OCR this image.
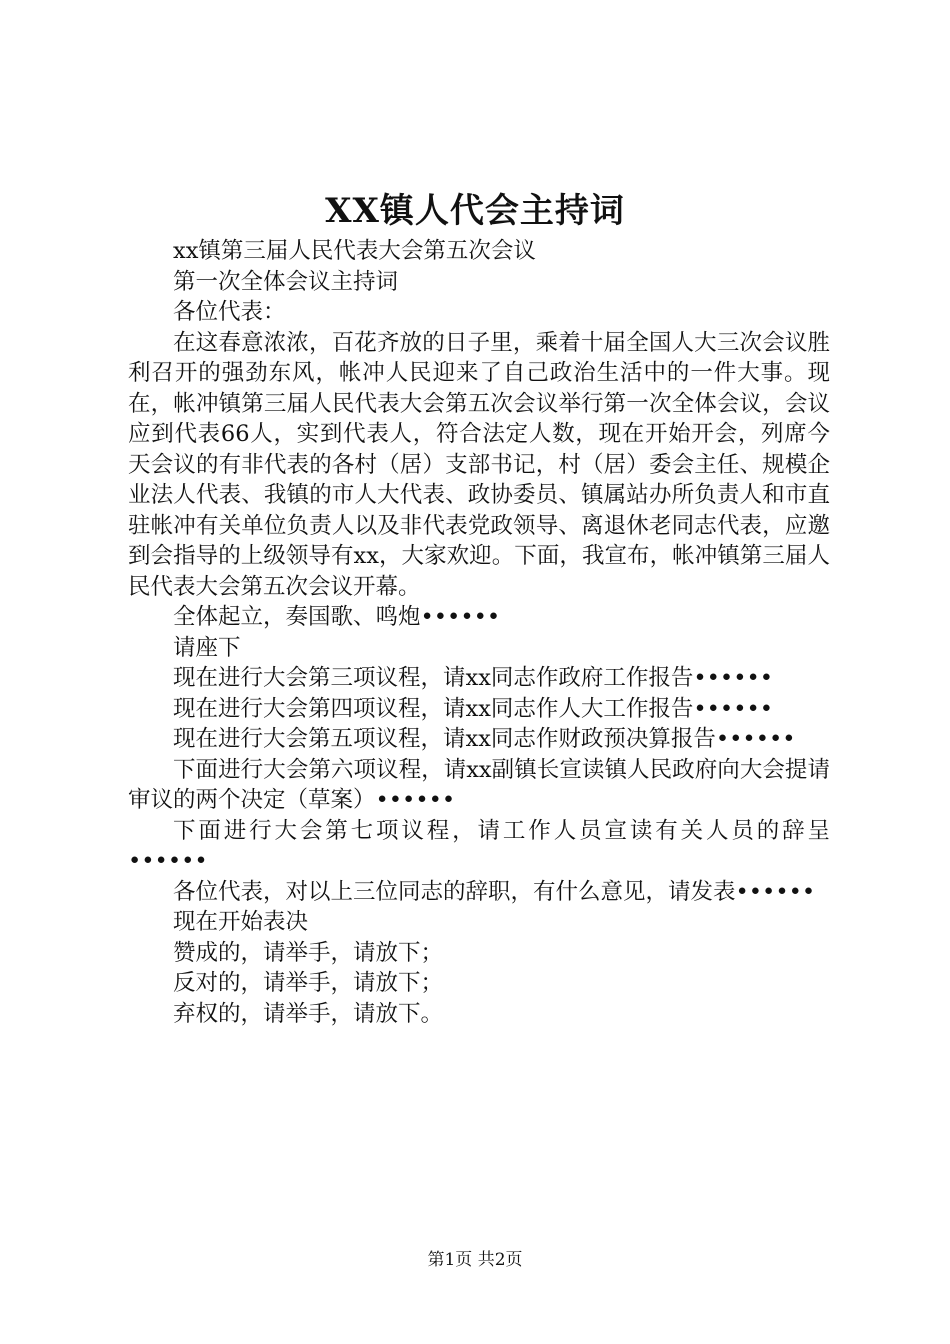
XX镇人代会主持词

xx镇第三届人民代表大会第五次会议

第一次全体会议主持词

各位代表：

在这春意浓浓，百花齐放的日子里，乘着十届全国人大三次会议胜利召开的强劲东风，帐冲人民迎来了自己政治生活中的一件大事。现在，帐冲镇第三届人民代表大会第五次会议举行第一次全体会议，会议应到代表66人，实到代表人，符合法定人数，现在开始开会，列席今天会议的有非代表的各村（居）支部书记，村（居）委会主任、规模企业法人代表、我镇的市人大代表、政协委员、镇属站办所负责人和市直驻帐冲有关单位负责人以及非代表党政领导、离退休老同志代表，应邀到会指导的上级领导有xx，大家欢迎。下面，我宣布，帐冲镇第三届人民代表大会第五次会议开幕。

全体起立，奏国歌、鸣炮••••••

请座下

现在进行大会第三项议程，请xx同志作政府工作报告••••••

现在进行大会第四项议程，请xx同志作人大工作报告••••••

现在进行大会第五项议程，请xx同志作财政预决算报告••••••

下面进行大会第六项议程，请xx副镇长宣读镇人民政府向大会提请审议的两个决定（草案）••••••

下面进行大会第七项议程，请工作人员宣读有关人员的辞呈••••••

各位代表，对以上三位同志的辞职，有什么意见，请发表••••••

现在开始表决

赞成的，请举手，请放下；

反对的，请举手，请放下；

弃权的，请举手，请放下。

第1页 共2页
